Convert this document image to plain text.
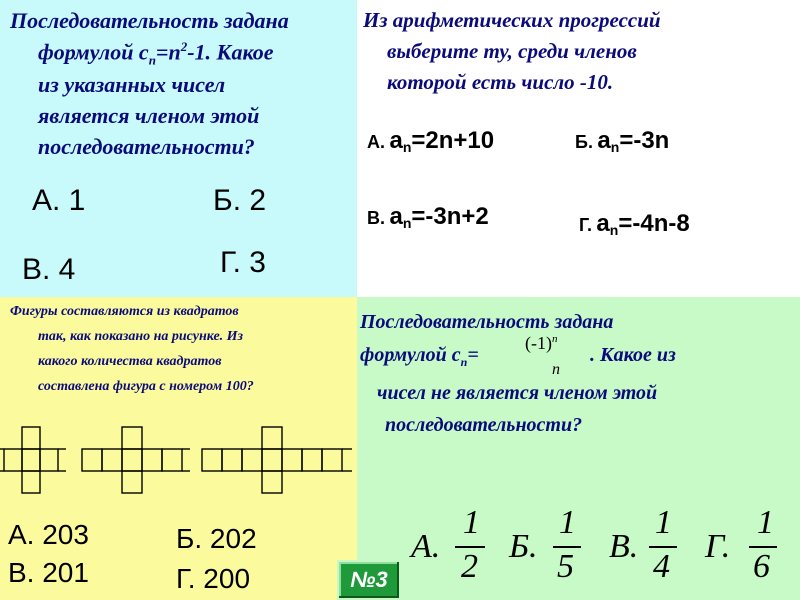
Последовательность задана
формулой $с_n=n^2-1$. Какое
из указанных чисел
является членом этой
последовательности?
А. 1	Б. 2
В. 4	Г. 3
Из арифметических прогрессий
выберите ту, среди членов
которой есть число -10.
А. $a_n=2n+10$	Б. $a_n=-3n$
В. $a_n=-3n+2$	Г. $a_n=-4n-8$
Фигуры составляются из квадратов
так, как показано на рисунке. Из
какого количества квадратов
составлена фигура с номером 100?
А. 203	Б. 202
В. 201	Г. 200
Последовательность задана
формулой $с_n=$
$(-1)^n$
n
. Какое из
чисел не является членом этой
последовательности?
А.
1
2
Б.
1
5
В.
1
4
Г.
1
6
№3
